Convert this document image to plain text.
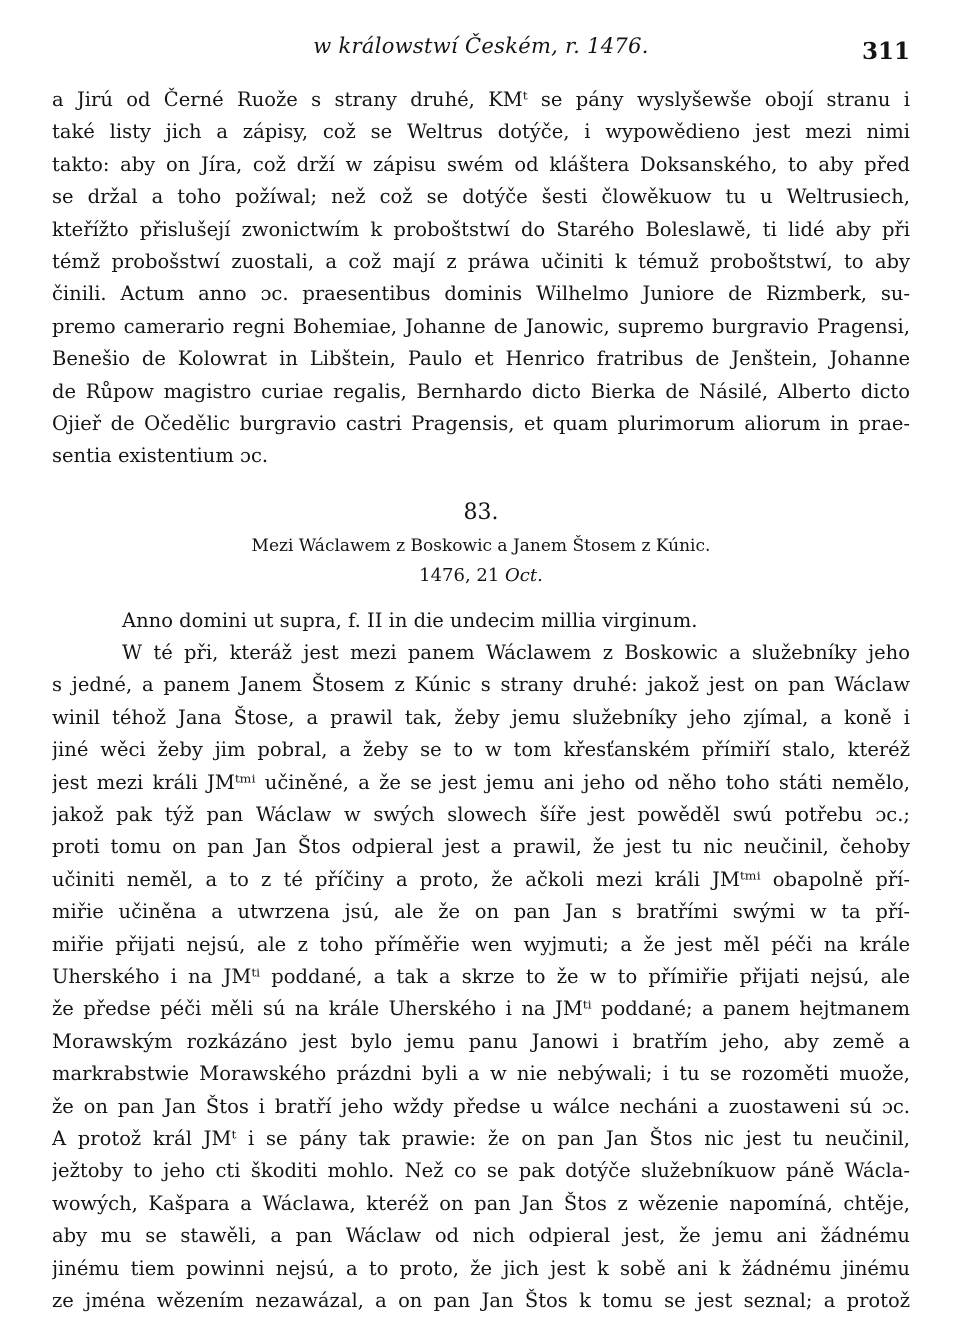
w králowstwí Českém, r. 1476.	311
a Jirú od Černé Ruože s strany druhé, KMᵗ se pány wyslyšewše obojí stranu i
také listy jich a zápisy, což se Weltrus dotýče, i wypowědieno jest mezi nimi
takto: aby on Jíra, což drží w zápisu swém od kláštera Doksanského, to aby před
se držal a toho požíwal; než což se dotýče šesti člowěkuow tu u Weltrusiech,
kteřížto přislušejí zwonictwím k proboštstwí do Starého Boleslawě, ti lidé aby při
témž probošstwí zuostali, a což mají z práwa učiniti k témuž proboštstwí, to aby
činili. Actum anno ɔc. praesentibus dominis Wilhelmo Juniore de Rizmberk, su-
premo camerario regni Bohemiae, Johanne de Janowic, supremo burgravio Pragensi,
Benešio de Kolowrat in Libštein, Paulo et Henrico fratribus de Jenštein, Johanne
de Růpow magistro curiae regalis, Bernhardo dicto Bierka de Násilé, Alberto dicto
Ojieř de Očedělic burgravio castri Pragensis, et quam plurimorum aliorum in prae-
sentia existentium ɔc.
83.
Mezi Wáclawem z Boskowic a Janem Štosem z Kúnic.
1476, 21 Oct.
Anno domini ut supra, f. II in die undecim millia virginum.
W té při, kteráž jest mezi panem Wáclawem z Boskowic a služebníky jeho
s jedné, a panem Janem Štosem z Kúnic s strany druhé: jakož jest on pan Wáclaw
winil téhož Jana Štose, a prawil tak, žeby jemu služebníky jeho zjímal, a koně i
jiné wěci žeby jim pobral, a žeby se to w tom křesťanském přímiří stalo, kteréž
jest mezi králi JMᵗᵐⁱ učiněné, a že se jest jemu ani jeho od něho toho státi nemělo,
jakož pak týž pan Wáclaw w swých slowech šíře jest powěděl swú potřebu ɔc.;
proti tomu on pan Jan Štos odpieral jest a prawil, že jest tu nic neučinil, čehoby
učiniti neměl, a to z té příčiny a proto, že ačkoli mezi králi JMᵗᵐⁱ obapolně pří-
miřie učiněna a utwrzena jsú, ale že on pan Jan s bratřími swými w ta pří-
miřie přijati nejsú, ale z toho příměřie wen wyjmuti; a že jest měl péči na krále
Uherského i na JMᵗⁱ poddané, a tak a skrze to že w to přímiřie přijati nejsú, ale
že předse péči měli sú na krále Uherského i na JMᵗⁱ poddané; a panem hejtmanem
Morawským rozkázáno jest bylo jemu panu Janowi i bratřím jeho, aby země a
markrabstwie Morawského prázdni byli a w nie nebýwali; i tu se rozoměti muože,
že on pan Jan Štos i bratří jeho wždy předse u wálce necháni a zuostaweni sú ɔc.
A protož král JMᵗ i se pány tak prawie: že on pan Jan Štos nic jest tu neučinil,
ježtoby to jeho cti škoditi mohlo. Než co se pak dotýče služebníkuow páně Wácla-
wowých, Kašpara a Wáclawa, kteréž on pan Jan Štos z wězenie napomíná, chtěje,
aby mu se stawěli, a pan Wáclaw od nich odpieral jest, že jemu ani žádnému
jinému tiem powinni nejsú, a to proto, že jich jest k sobě ani k žádnému jinému
ze jména wězením nezawázal, a on pan Jan Štos k tomu se jest seznal; a protož
